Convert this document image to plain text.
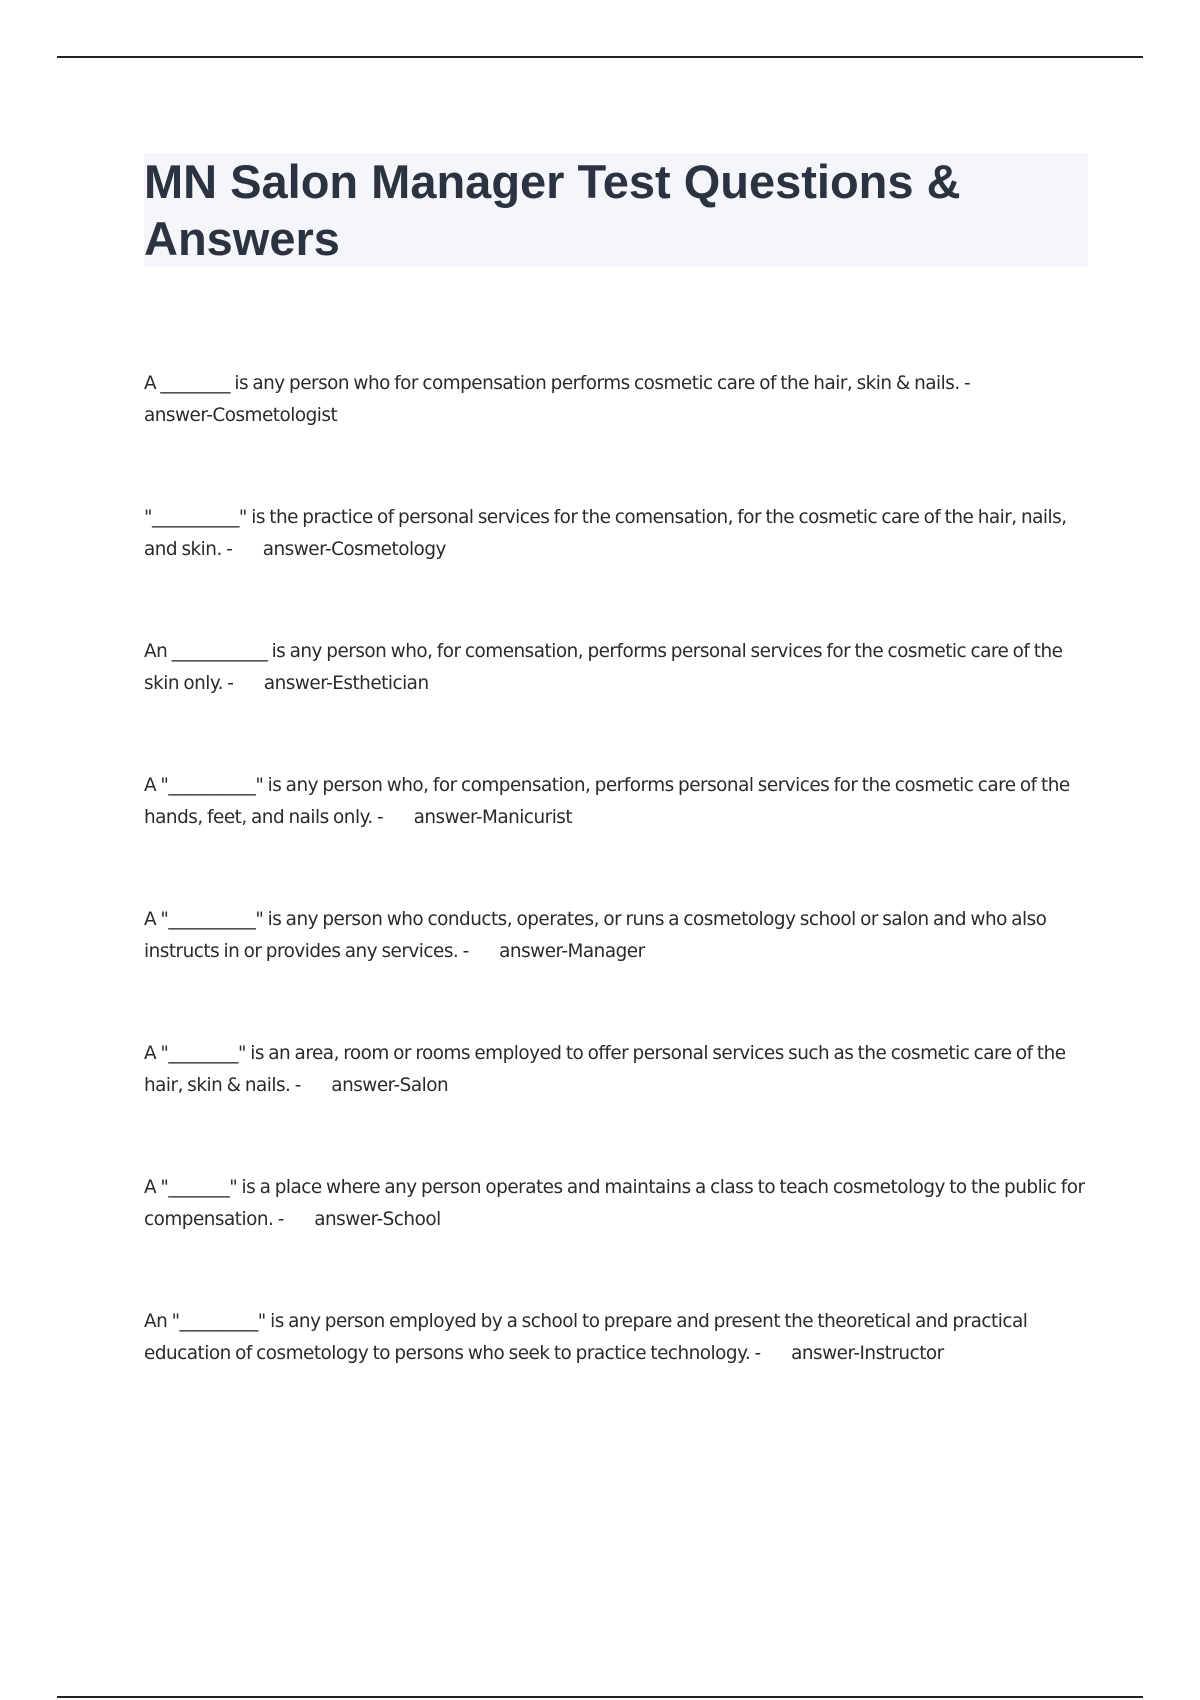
MN Salon Manager Test Questions & Answers
A ________ is any person who for compensation performs cosmetic care of the hair, skin & nails. -
answer-Cosmetologist
"__________" is the practice of personal services for the comensation, for the cosmetic care of the hair, nails, and skin. -       answer-Cosmetology
An ___________ is any person who, for comensation, performs personal services for the cosmetic care of the skin only. -       answer-Esthetician
A "__________" is any person who, for compensation, performs personal services for the cosmetic care of the hands, feet, and nails only. -       answer-Manicurist
A "__________" is any person who conducts, operates, or runs a cosmetology school or salon and who also instructs in or provides any services. -       answer-Manager
A "________" is an area, room or rooms employed to offer personal services such as the cosmetic care of the hair, skin & nails. -       answer-Salon
A "_______" is a place where any person operates and maintains a class to teach cosmetology to the public for compensation. -       answer-School
An "_________" is any person employed by a school to prepare and present the theoretical and practical education of cosmetology to persons who seek to practice technology. -       answer-Instructor
